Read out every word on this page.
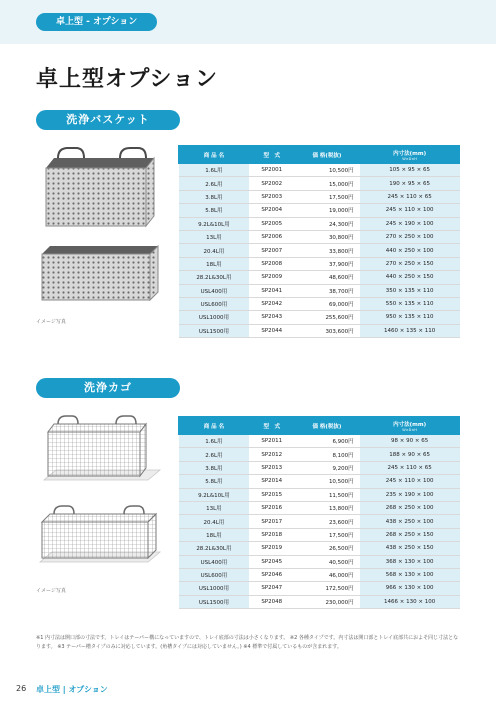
卓上型 - オプション
卓上型オプション
洗浄バスケット
イメージ写真
商 品 名	型　式	価 格(税抜)	内寸法(mm)
W×D×H

1.6L用	SP2001	10,500円	105 × 95 × 65
2.6L用	SP2002	15,000円	190 × 95 × 65
3.8L用	SP2003	17,500円	245 × 110 × 65
5.8L用	SP2004	19,000円	245 × 110 × 100
9.2L&10L用	SP2005	24,300円	245 × 190 × 100
13L用	SP2006	30,800円	270 × 250 × 100
20.4L用	SP2007	33,800円	440 × 250 × 100
18L用	SP2008	37,900円	270 × 250 × 150
28.2L&30L用	SP2009	48,600円	440 × 250 × 150
USL400用	SP2041	38,700円	350 × 135 × 110
USL600用	SP2042	69,000円	550 × 135 × 110
USL1000用	SP2043	255,600円	950 × 135 × 110
USL1500用	SP2044	303,600円	1460 × 135 × 110
洗浄カゴ
イメージ写真
商 品 名	型　式	価 格(税抜)	内寸法(mm)
W×D×H

1.6L用	SP2011	6,900円	98 × 90 × 65
2.6L用	SP2012	8,100円	188 × 90 × 65
3.8L用	SP2013	9,200円	245 × 110 × 65
5.8L用	SP2014	10,500円	245 × 110 × 100
9.2L&10L用	SP2015	11,500円	235 × 190 × 100
13L用	SP2016	13,800円	268 × 250 × 100
20.4L用	SP2017	23,600円	438 × 250 × 100
18L用	SP2018	17,500円	268 × 250 × 150
28.2L&30L用	SP2019	26,500円	438 × 250 × 150
USL400用	SP2045	40,500円	368 × 130 × 100
USL600用	SP2046	46,000円	568 × 130 × 100
USL1000用	SP2047	172,500円	966 × 130 × 100
USL1500用	SP2048	230,000円	1466 × 130 × 100
※1 内寸法は開口部の寸法です。トレイはテーパー構になっていますので、トレイ底部の寸法は小さくなります。 ※2 各種タイプです。内寸法は開口部とトレイ底部共におよそ同じ寸法となります。 ※3 テーパー槽タイプのみに対応しています。(角槽タイプには対応していません。) ※4 標準で付属しているものが含まれます。
26 卓上型 | オプション
